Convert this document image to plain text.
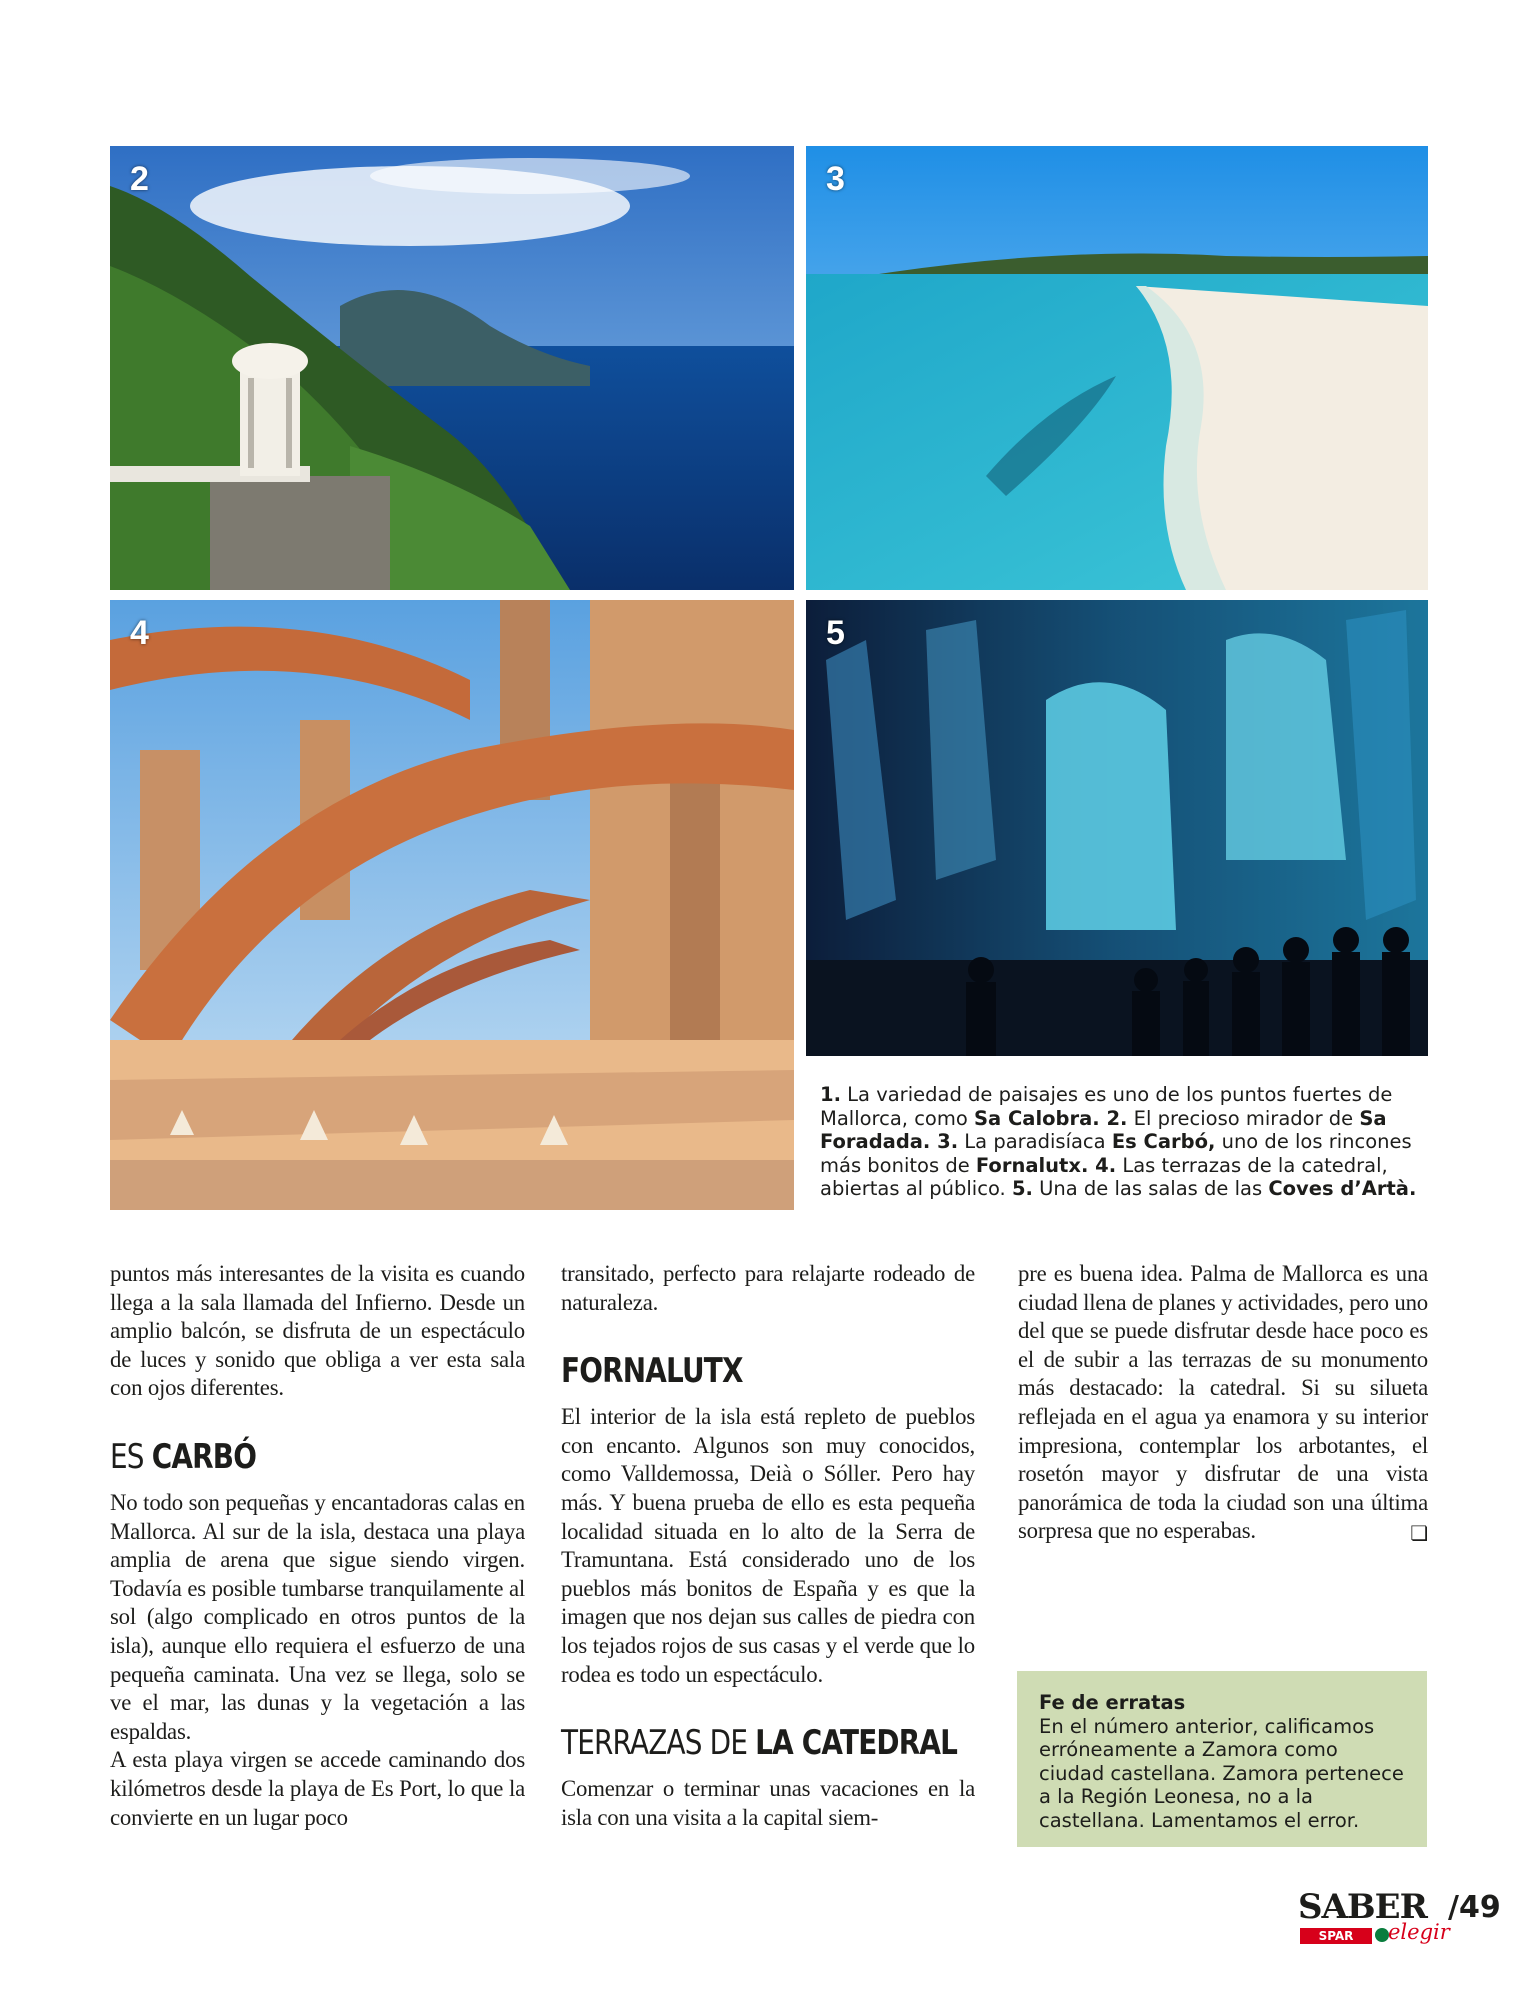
2	3
4	5
1. La variedad de paisajes es uno de los puntos fuertes de Mallorca, como Sa Calobra. 2. El precioso mirador de Sa Foradada. 3. La paradisíaca Es Carbó, uno de los rincones más bonitos de Fornalutx. 4. Las terrazas de la catedral, abiertas al público. 5. Una de las salas de las Coves d’Artà.

puntos más interesantes de la visita es cuando llega a la sala llamada del Infierno. Desde un amplio balcón, se disfruta de un espectáculo de luces y sonido que obliga a ver esta sala con ojos diferentes.

ES CARBÓ

No todo son pequeñas y encantadoras calas en Mallorca. Al sur de la isla, destaca una playa amplia de arena que sigue siendo virgen. Todavía es posible tumbarse tranquilamente al sol (algo complicado en otros puntos de la isla), aunque ello requiera el esfuerzo de una pequeña caminata. Una vez se llega, solo se ve el mar, las dunas y la vegetación a las espaldas.

A esta playa virgen se accede caminando dos kilómetros desde la playa de Es Port, lo que la convierte en un lugar poco

transitado, perfecto para relajarte rodeado de naturaleza.

FORNALUTX

El interior de la isla está repleto de pueblos con encanto. Algunos son muy conocidos, como Valldemossa, Deià o Sóller. Pero hay más. Y buena prueba de ello es esta pequeña localidad situada en lo alto de la Serra de Tramuntana. Está considerado uno de los pueblos más bonitos de España y es que la imagen que nos dejan sus calles de piedra con los tejados rojos de sus casas y el verde que lo rodea es todo un espectáculo.

TERRAZAS DE LA CATEDRAL

Comenzar o terminar unas vacaciones en la isla con una visita a la capital siem-

pre es buena idea. Palma de Mallorca es una ciudad llena de planes y actividades, pero uno del que se puede disfrutar desde hace poco es el de subir a las terrazas de su monumento más destacado: la catedral. Si su silueta reflejada en el agua ya enamora y su interior impresiona, contemplar los arbotantes, el rosetón mayor y disfrutar de una vista panorámica de toda la ciudad son una última sorpresa que no esperabas.	❏

Fe de erratas
En el número anterior, calificamos erróneamente a Zamora como ciudad castellana. Zamora pertenece a la Región Leonesa, no a la castellana. Lamentamos el error.
SABER
SPAR	elegir
/49
